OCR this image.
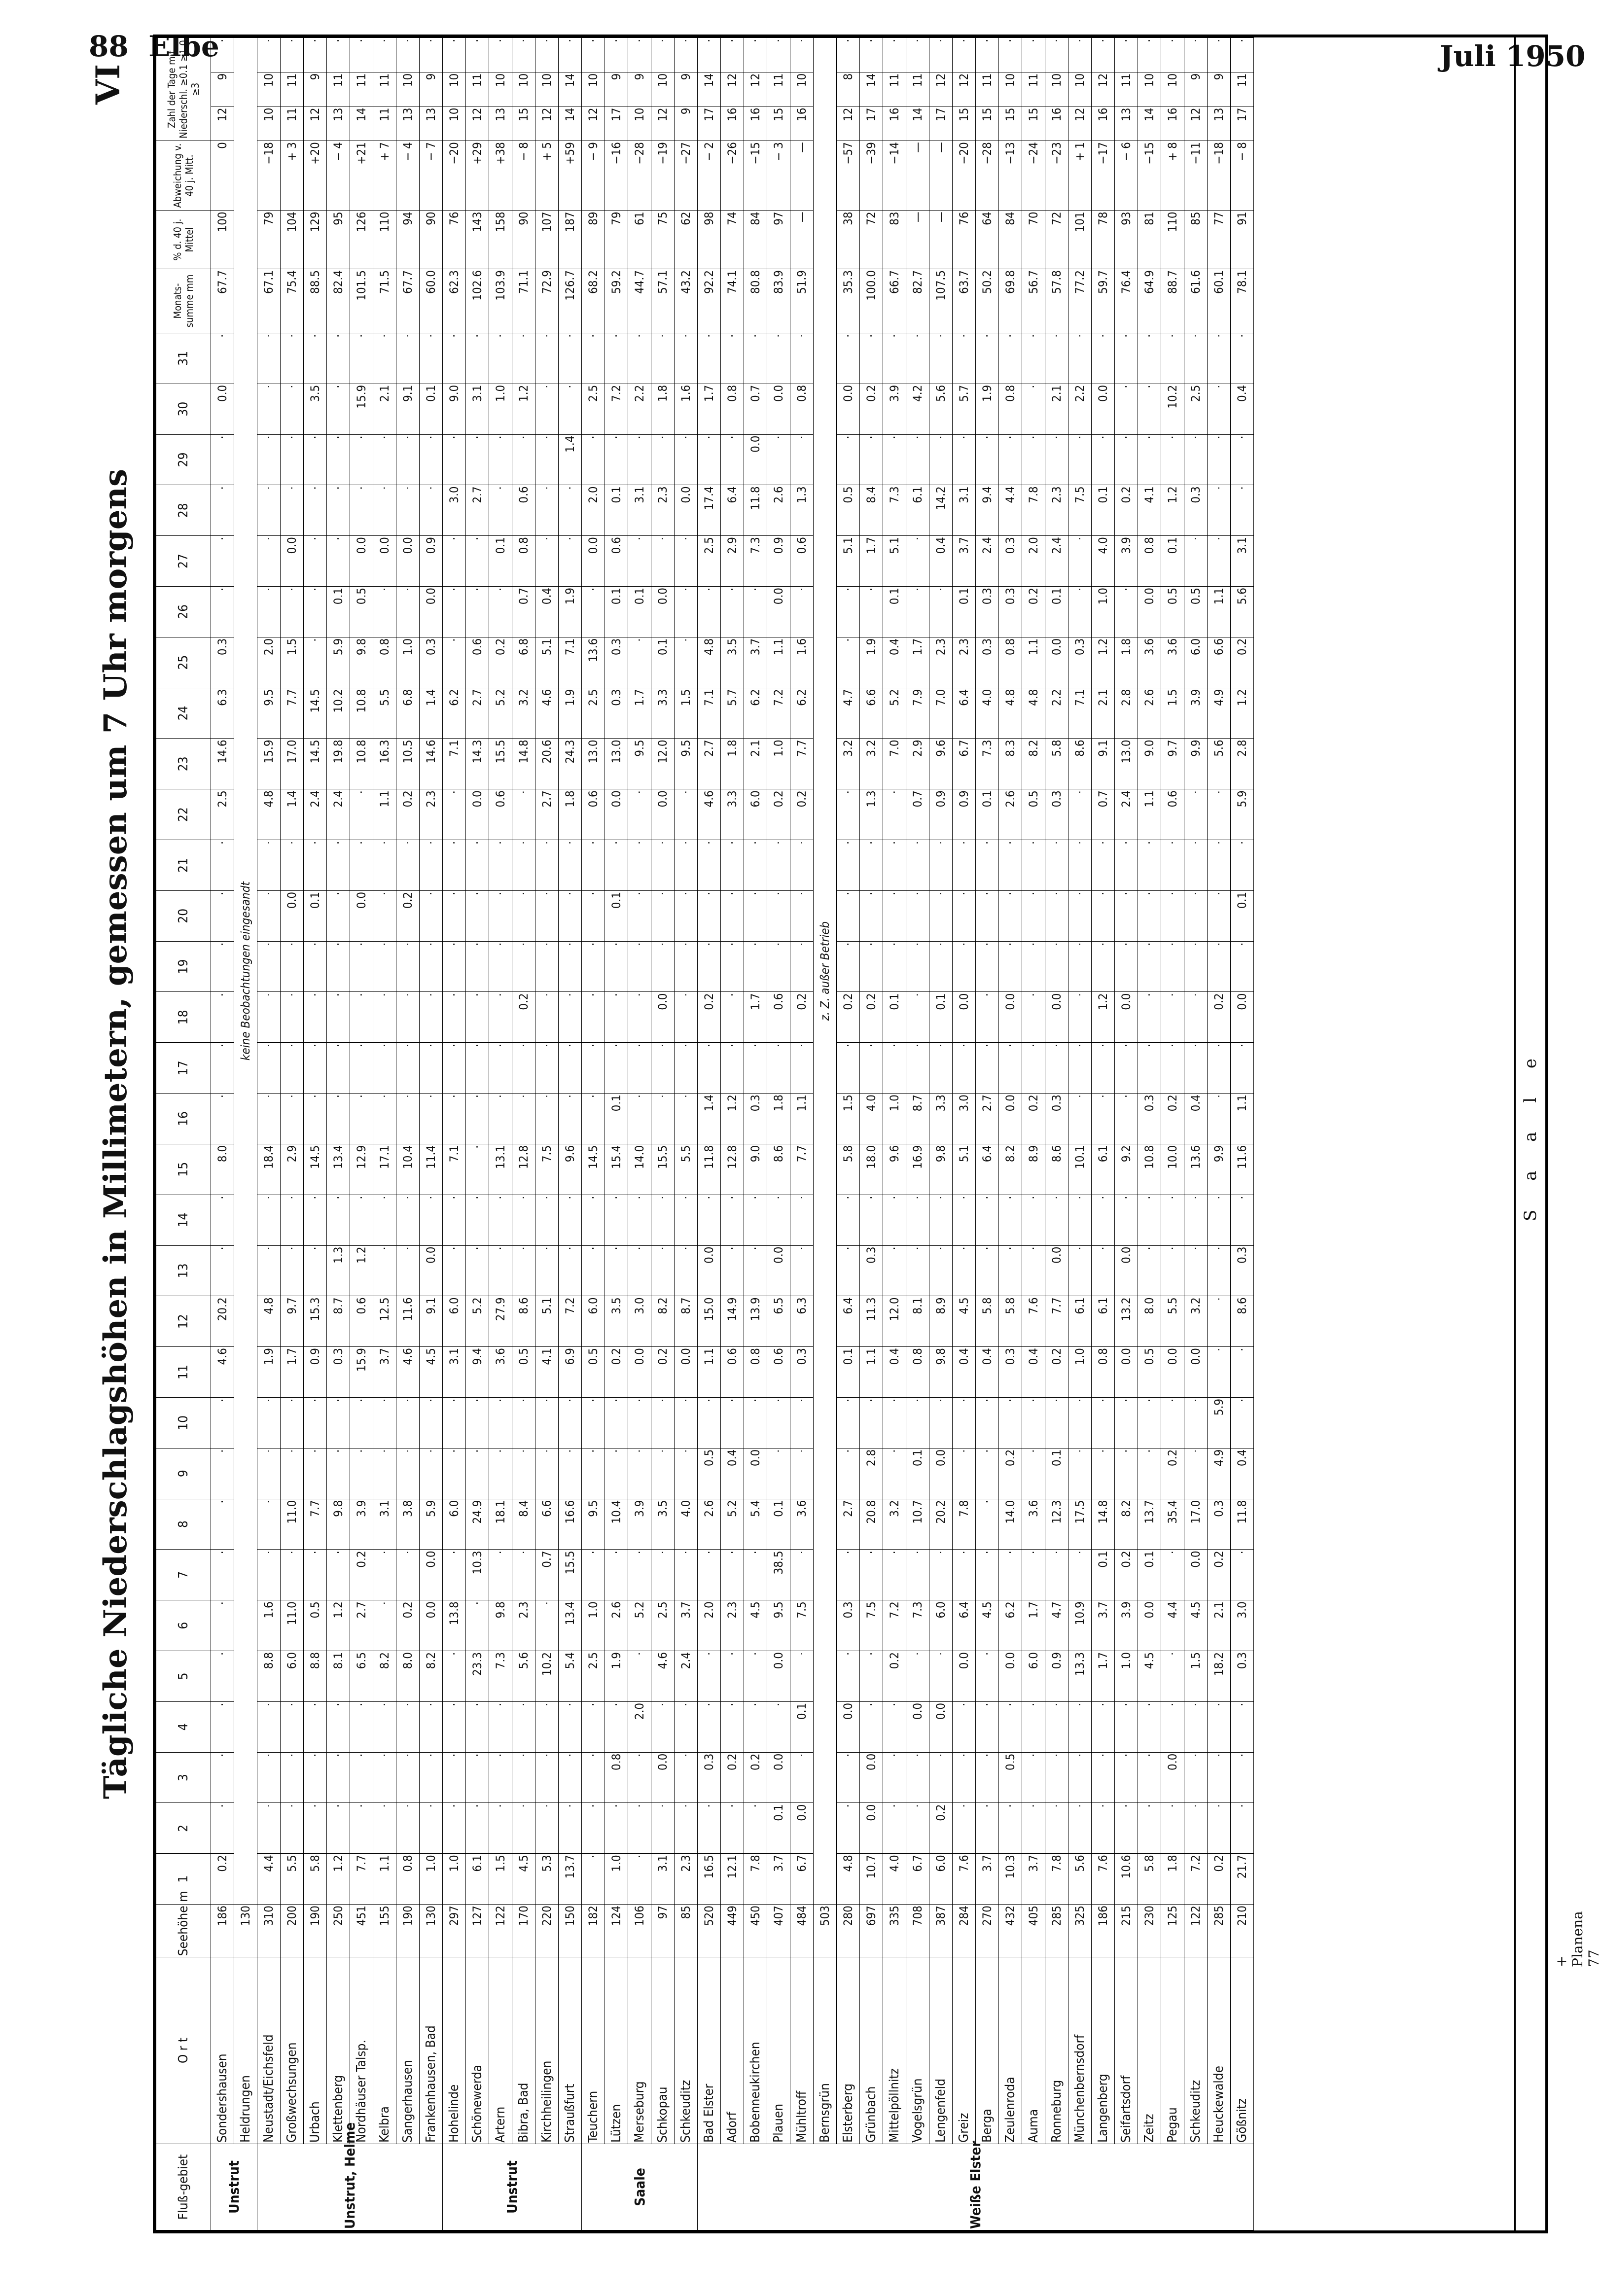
88 Elbe	Juli 1950
Tägliche Niederschlagshöhen in Millimetern, gemessen um 7 Uhr morgens
Fluß-gebiet	O r t	Seehöhe m	1	2	3	4	5	6	7	8	9	10	11	12	13	14	15	16	17	18	19	20	21	22	23	24	25	26	27	28	29	30	31	Monats-summe mm	% d. 40 j. Mittel	Abweichung v. 40 j. Mitt.	Zahl der Tage mit Niederschl. ≥0.1 ≥1.0 ≥3		
Unstrut	Sondershausen	186	0.2	·	·	·	·	·	·	·	·	·	4.6	20.2	·	·	8.0	·	·	·	·	·	·	2.5	14.6	6.3	0.3	·	·	·	·	0.0	·	67.7	100	0	12	9	·
	Heldrungen	130	keine Beobachtungen eingesandt																																				
Unstrut, Helme	Neustadt/Eichsfeld	310	4.4	·	·	·	8.8	1.6	·	·	·	·	1.9	4.8	·	·	18.4	·	·	·	·	·	·	4.8	15.9	9.5	2.0	·	·	·	·	·	·	67.1	79	−18	10	10	·
	Großwechsungen	200	5.5	·	·	·	6.0	11.0	·	11.0	·	·	1.7	9.7	·	·	2.9	·	·	·	·	0.0	·	1.4	17.0	7.7	1.5	·	0.0	·	·	·	·	75.4	104	+ 3	11	11	·
	Urbach	190	5.8	·	·	·	8.8	0.5	·	7.7	·	·	0.9	15.3	·	·	14.5	·	·	·	·	0.1	·	2.4	14.5	14.5	·	·	·	·	·	3.5	·	88.5	129	+20	12	9	·
	Klettenberg	250	1.2	·	·	·	8.1	1.2	·	9.8	·	·	0.3	8.7	1.3	·	13.4	·	·	·	·	·	·	2.4	19.8	10.2	5.9	0.1	·	·	·	·	·	82.4	95	− 4	13	11	·
	Nordhäuser Talsp.	451	7.7	·	·	·	6.5	2.7	0.2	3.9	·	·	15.9	0.6	1.2	·	12.9	·	·	·	·	0.0	·	·	10.8	10.8	9.8	0.5	0.0	·	·	15.9	·	101.5	126	+21	14	11	·
	Kelbra	155	1.1	·	·	·	8.2	·	·	3.1	·	·	3.7	12.5	·	·	17.1	·	·	·	·	·	·	1.1	16.3	5.5	0.8	·	0.0	·	·	2.1	·	71.5	110	+ 7	11	11	·
	Sangerhausen	190	0.8	·	·	·	8.0	0.2	·	3.8	·	·	4.6	11.6	·	·	10.4	·	·	·	·	0.2	·	0.2	10.5	6.8	1.0	·	0.0	·	·	9.1	·	67.7	94	− 4	13	10	·
	Frankenhausen, Bad	130	1.0	·	·	·	8.2	0.0	0.0	5.9	·	·	4.5	9.1	0.0	·	11.4	·	·	·	·	·	·	2.3	14.6	1.4	0.3	0.0	0.9	·	·	0.1	·	60.0	90	− 7	13	9	·
Unstrut	Hohelinde	297	1.0	·	·	·	·	13.8	·	6.0	·	·	3.1	6.0	·	·	7.1	·	·	·	·	·	·	·	7.1	6.2	·	·	·	3.0	·	9.0	·	62.3	76	−20	10	10	·
	Schönewerda	127	6.1	·	·	·	23.3	·	10.3	24.9	·	·	9.4	5.2	·	·	·	·	·	·	·	·	·	0.0	14.3	2.7	0.6	·	·	2.7	·	3.1	·	102.6	143	+29	12	11	·
	Artern	122	1.5	·	·	·	7.3	9.8	·	18.1	·	·	3.6	27.9	·	·	13.1	·	·	·	·	·	·	0.6	15.5	5.2	0.2	·	0.1	·	·	1.0	·	103.9	158	+38	13	10	·
	Bibra, Bad	170	4.5	·	·	·	5.6	2.3	·	8.4	·	·	0.5	8.6	·	·	12.8	·	·	0.2	·	·	·	·	14.8	3.2	6.8	0.7	0.8	0.6	·	1.2	·	71.1	90	− 8	15	10	·
	Kirchheilingen	220	5.3	·	·	·	10.2	·	0.7	6.6	·	·	4.1	5.1	·	·	7.5	·	·	·	·	·	·	2.7	20.6	4.6	5.1	0.4	·	·	·	·	·	72.9	107	+ 5	12	10	·
	Straußfurt	150	13.7	·	·	·	5.4	13.4	15.5	16.6	·	·	6.9	7.2	·	·	9.6	·	·	·	·	·	·	1.8	24.3	1.9	7.1	1.9	·	·	1.4	·	·	126.7	187	+59	14	14	·
Saale	Teuchern	182	·	·	·	·	2.5	1.0	·	9.5	·	·	0.5	6.0	·	·	14.5	·	·	·	·	·	·	0.6	13.0	2.5	13.6	·	0.0	2.0	·	2.5	·	68.2	89	− 9	12	10	·
	Lützen	124	1.0	·	0.8	·	1.9	2.6	·	10.4	·	·	0.2	3.5	·	·	15.4	0.1	·	·	·	0.1	·	0.0	13.0	0.3	0.3	0.1	0.6	0.1	·	7.2	·	59.2	79	−16	17	9	·
	Merseburg	106	·	·	·	2.0	·	5.2	·	3.9	·	·	0.0	3.0	·	·	14.0	·	·	·	·	·	·	·	9.5	1.7	·	0.1	·	3.1	·	2.2	·	44.7	61	−28	10	9	·
	Schkopau	97	3.1	·	0.0	·	4.6	2.5	·	3.5	·	·	0.2	8.2	·	·	15.5	·	·	0.0	·	·	·	0.0	12.0	3.3	0.1	0.0	·	2.3	·	1.8	·	57.1	75	−19	12	10	·
	Schkeuditz	85	2.3	·	·	·	2.4	3.7	·	4.0	·	·	0.0	8.7	·	·	5.5	·	·	·	·	·	·	·	9.5	1.5	·	·	·	0.0	·	1.6	·	43.2	62	−27	9	9	·
Weiße Elster	Bad Elster	520	16.5	·	0.3	·	·	2.0	·	2.6	0.5	·	1.1	15.0	0.0	·	11.8	1.4	·	0.2	·	·	·	4.6	2.7	7.1	4.8	·	2.5	17.4	·	1.7	·	92.2	98	− 2	17	14	·
	Adorf	449	12.1	·	0.2	·	·	2.3	·	5.2	0.4	·	0.6	14.9	·	·	12.8	1.2	·	·	·	·	·	3.3	1.8	5.7	3.5	·	2.9	6.4	·	0.8	·	74.1	74	−26	16	12	·
	Bobenneukirchen	450	7.8	·	0.2	·	·	4.5	·	5.4	0.0	·	0.8	13.9	·	·	9.0	0.3	·	1.7	·	·	·	6.0	2.1	6.2	3.7	·	7.3	11.8	0.0	0.7	·	80.8	84	−15	16	12	·
	Plauen	407	3.7	0.1	0.0	·	0.0	9.5	38.5	0.1	·	·	0.6	6.5	0.0	·	8.6	1.8	·	0.6	·	·	·	0.2	1.0	7.2	1.1	0.0	0.9	2.6	·	0.0	·	83.9	97	− 3	15	11	·
	Mühltroff	484	6.7	0.0	·	0.1	·	7.5	·	3.6	·	·	0.3	6.3	·	·	7.7	1.1	·	0.2	·	·	·	0.2	7.7	6.2	1.6	·	0.6	1.3	·	0.8	·	51.9	—	—	16	10	·
	Bernsgrün	503	z. Z. außer Betrieb																																				
	Elsterberg	280	4.8	·	·	0.0	·	0.3	·	2.7	·	·	0.1	6.4	·	·	5.8	1.5	·	0.2	·	·	·	·	3.2	4.7	·	·	5.1	0.5	·	0.0	·	35.3	38	−57	12	8	·
	Grünbach	697	10.7	0.0	0.0	·	·	7.5	·	20.8	2.8	·	1.1	11.3	0.3	·	18.0	4.0	·	0.2	·	·	·	1.3	3.2	6.6	1.9	·	1.7	8.4	·	0.2	·	100.0	72	−39	17	14	·
	Mittelpöllnitz	335	4.0	·	·	·	0.2	7.2	·	3.2	·	·	0.4	12.0	·	·	9.6	1.0	·	0.1	·	·	·	·	7.0	5.2	0.4	0.1	5.1	7.3	·	3.9	·	66.7	83	−14	16	11	·
	Vogelsgrün	708	6.7	·	·	0.0	·	7.3	·	10.7	0.1	·	0.8	8.1	·	·	16.9	8.7	·	·	·	·	·	0.7	2.9	7.9	1.7	·	·	6.1	·	4.2	·	82.7	—	—	14	11	·
	Lengenfeld	387	6.0	0.2	·	0.0	·	6.0	·	20.2	0.0	·	9.8	8.9	·	·	9.8	3.3	·	0.1	·	·	·	0.9	9.6	7.0	2.3	·	0.4	14.2	·	5.6	·	107.5	—	—	17	12	·
	Greiz	284	7.6	·	·	·	0.0	6.4	·	7.8	·	·	0.4	4.5	·	·	5.1	3.0	·	0.0	·	·	·	0.9	6.7	6.4	2.3	0.1	3.7	3.1	·	5.7	·	63.7	76	−20	15	12	·
	Berga	270	3.7	·	·	·	·	4.5	·	·	·	·	0.4	5.8	·	·	6.4	2.7	·	·	·	·	·	0.1	7.3	4.0	0.3	0.3	2.4	9.4	·	1.9	·	50.2	64	−28	15	11	·
	Zeulenroda	432	10.3	·	0.5	·	0.0	6.2	·	14.0	0.2	·	0.3	5.8	·	·	8.2	0.0	·	0.0	·	·	·	2.6	8.3	4.8	0.8	0.3	0.3	4.4	·	0.8	·	69.8	84	−13	15	10	·
	Auma	405	3.7	·	·	·	6.0	1.7	·	3.6	·	·	0.4	7.6	·	·	8.9	0.2	·	·	·	·	·	0.5	8.2	4.8	1.1	0.2	2.0	7.8	·	·	·	56.7	70	−24	15	11	·
	Ronneburg	285	7.8	·	·	·	0.9	4.7	·	12.3	0.1	·	0.2	7.7	0.0	·	8.6	0.3	·	0.0	·	·	·	0.3	5.8	2.2	0.0	0.1	2.4	2.3	·	2.1	·	57.8	72	−23	16	10	·
	Münchenbernsdorf	325	5.6	·	·	·	13.3	10.9	·	17.5	·	·	1.0	6.1	·	·	10.1	·	·	·	·	·	·	·	8.6	7.1	0.3	·	·	7.5	·	2.2	·	77.2	101	+ 1	12	10	·
	Langenberg	186	7.6	·	·	·	1.7	3.7	0.1	14.8	·	·	0.8	6.1	·	·	6.1	·	·	1.2	·	·	·	0.7	9.1	2.1	1.2	1.0	4.0	0.1	·	0.0	·	59.7	78	−17	16	12	·
	Seifartsdorf	215	10.6	·	·	·	1.0	3.9	0.2	8.2	·	·	0.0	13.2	0.0	·	9.2	·	·	0.0	·	·	·	2.4	13.0	2.8	1.8	·	3.9	0.2	·	·	·	76.4	93	− 6	13	11	·
	Zeitz	230	5.8	·	·	·	4.5	0.0	0.1	13.7	·	·	0.5	8.0	·	·	10.8	0.3	·	·	·	·	·	1.1	9.0	2.6	3.6	0.0	0.8	4.1	·	·	·	64.9	81	−15	14	10	·
	Pegau	125	1.8	·	0.0	·	·	4.4	·	35.4	0.2	·	0.0	5.5	·	·	10.0	0.2	·	·	·	·	·	0.6	9.7	1.5	3.6	0.5	0.1	1.2	·	10.2	·	88.7	110	+ 8	16	10	·
	Schkeuditz	122	7.2	·	·	·	1.5	4.5	0.0	17.0	·	·	0.0	3.2	·	·	13.6	0.4	·	·	·	·	·	·	9.9	3.9	6.0	0.5	·	0.3	·	2.5	·	61.6	85	−11	12	9	·
	Heuckewalde	285	0.2	·	·	·	18.2	2.1	0.2	0.3	4.9	5.9	·	·	·	·	9.9	·	·	0.2	·	·	·	·	5.6	4.9	6.6	1.1	·	·	·	·	·	60.1	77	−18	13	9	·
	Gößnitz	210	21.7	·	·	·	0.3	3.0	·	11.8	0.4	·	·	8.6	0.3	·	11.6	1.1	·	0.0	·	0.1	·	5.9	2.8	1.2	0.2	5.6	3.1	·	·	0.4	·	78.1	91	− 8	17	11	·
S a a l e
VI
+ Planena 77
